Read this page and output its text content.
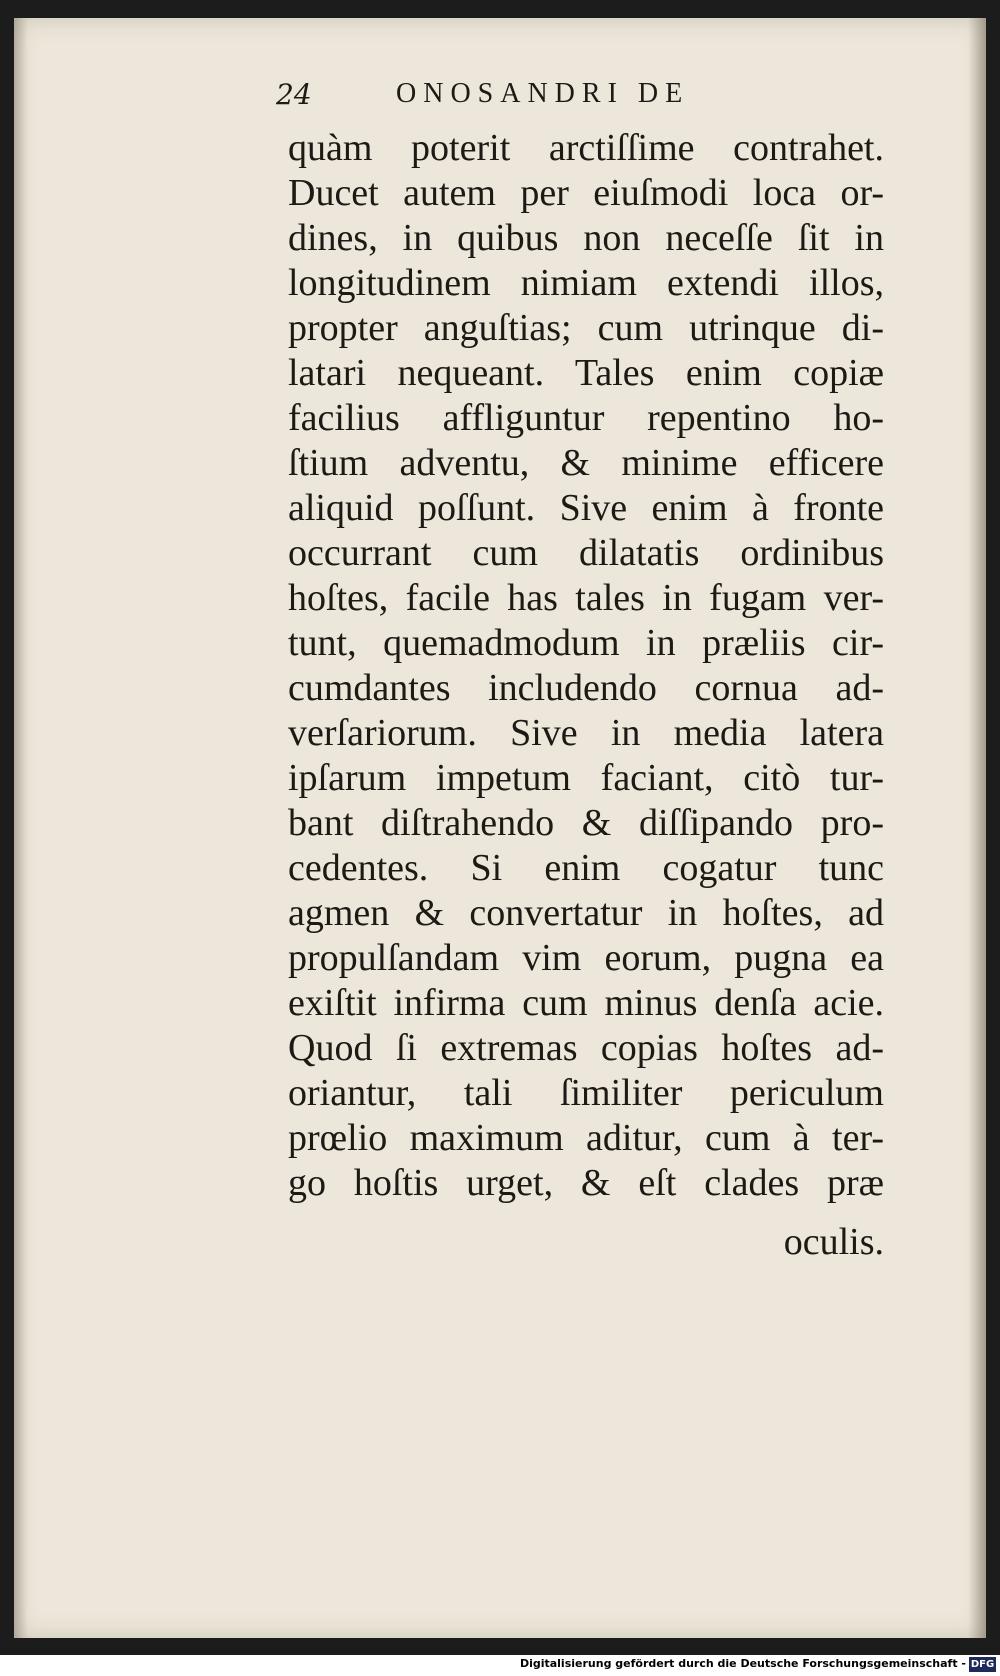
24	ONOSANDRI DE
quàm poterit arctiſſime contrahet.
Ducet autem per eiuſmodi loca or-
dines, in quibus non neceſſe ſit in
longitudinem nimiam extendi illos,
propter anguſtias; cum utrinque di-
latari nequeant. Tales enim copiæ
facilius affliguntur repentino ho-
ſtium adventu, & minime efficere
aliquid poſſunt. Sive enim à fronte
occurrant cum dilatatis ordinibus
hoſtes, facile has tales in fugam ver-
tunt, quemadmodum in præliis cir-
cumdantes includendo cornua ad-
verſariorum. Sive in media latera
ipſarum impetum faciant, citò tur-
bant diſtrahendo & diſſipando pro-
cedentes. Si enim cogatur tunc
agmen & convertatur in hoſtes, ad
propulſandam vim eorum, pugna ea
exiſtit infirma cum minus denſa acie.
Quod ſi extremas copias hoſtes ad-
oriantur, tali ſimiliter periculum
prœlio maximum aditur, cum à ter-
go hoſtis urget, & eſt clades præ
oculis.
Digitalisierung gefördert durch die Deutsche Forschungsgemeinschaft - DFG
